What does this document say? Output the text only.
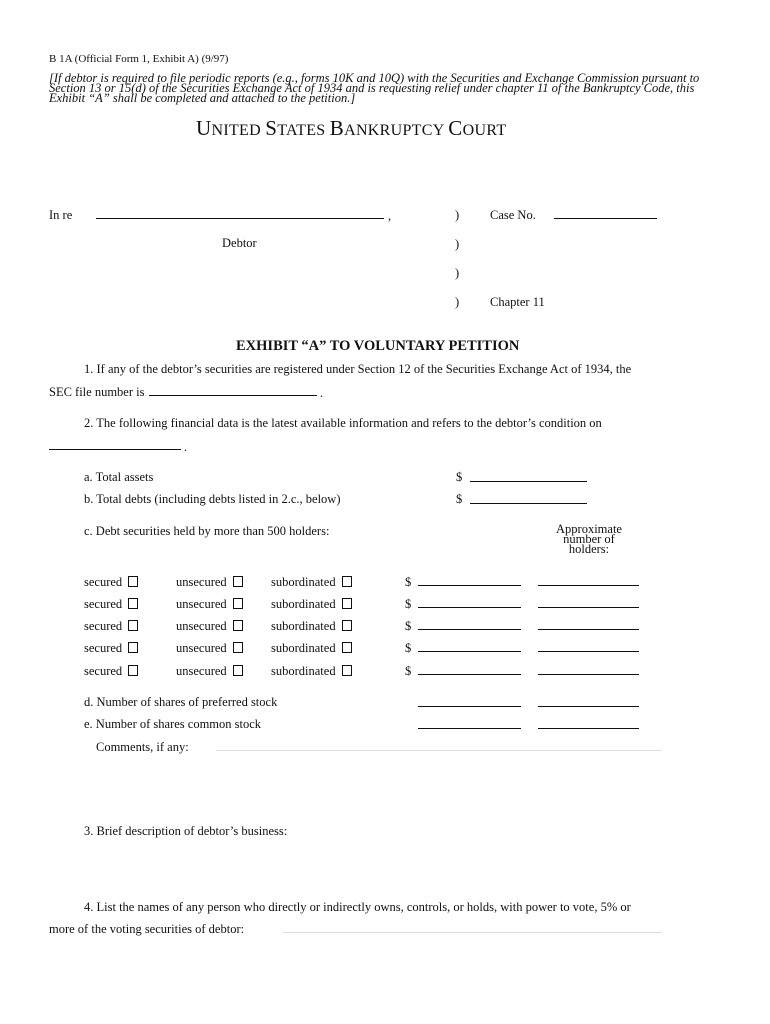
B 1A (Official Form 1, Exhibit A) (9/97)
[If debtor is required to file periodic reports (e.g., forms 10K and 10Q) with the Securities and Exchange Commission pursuant to Section 13 or 15(d) of the Securities Exchange Act of 1934 and is requesting relief under chapter 11 of the Bankruptcy Code, this Exhibit “A” shall be completed and attached to the petition.]
UNITED STATES BANKRUPTCY COURT
In re	,
Debtor
)
)
)
)
Case No.
Chapter 11
EXHIBIT “A” TO VOLUNTARY PETITION
1. If any of the debtor’s securities are registered under Section 12 of the Securities Exchange Act of 1934, the
SEC file number is	.
2. The following financial data is the latest available information and refers to the debtor’s condition on
.
a. Total assets	$
b. Total debts (including debts listed in 2.c., below)	$
c. Debt securities held by more than 500 holders:	Approximate
number of
holders:
secured	unsecured	subordinated	$
secured	unsecured	subordinated	$
secured	unsecured	subordinated	$
secured	unsecured	subordinated	$
secured	unsecured	subordinated	$
d. Number of shares of preferred stock
e. Number of shares common stock
Comments, if any:
3. Brief description of debtor’s business:
4. List the names of any person who directly or indirectly owns, controls, or holds, with power to vote, 5% or
more of the voting securities of debtor:
